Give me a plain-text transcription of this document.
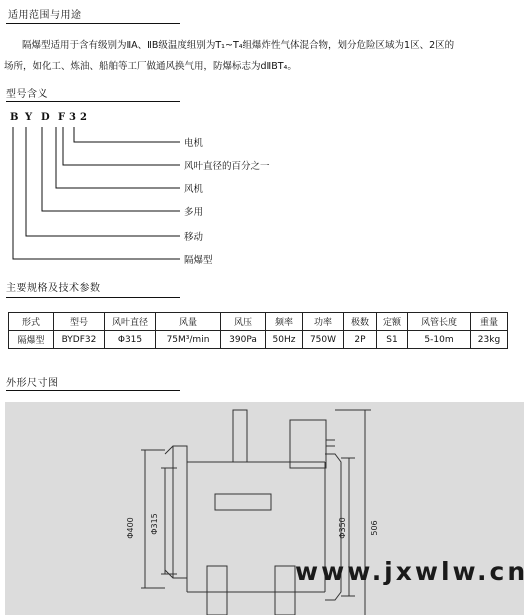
适用范围与用途
隔爆型适用于含有级别为ⅡA、ⅡB级温度组别为T₁~T₄组爆炸性气体混合物，划分危险区域为1区、2区的
场所，如化工、炼油、船舶等工厂做通风换气用，防爆标志为dⅡBT₄。
型号含义
B Y D F 3 2
电机
风叶直径的百分之一
风机
多用
移动
隔爆型
主要规格及技术参数
形式	型号	风叶直径	风量	风压	频率	功率	极数	定额	风管长度	重量
隔爆型	BYDF32	Φ315	75M³/min	390Pa	50Hz	750W	2P	S1	5-10m	23kg
外形尺寸图
Φ400 Φ315	Φ350	506
www.jxwlw.cn
